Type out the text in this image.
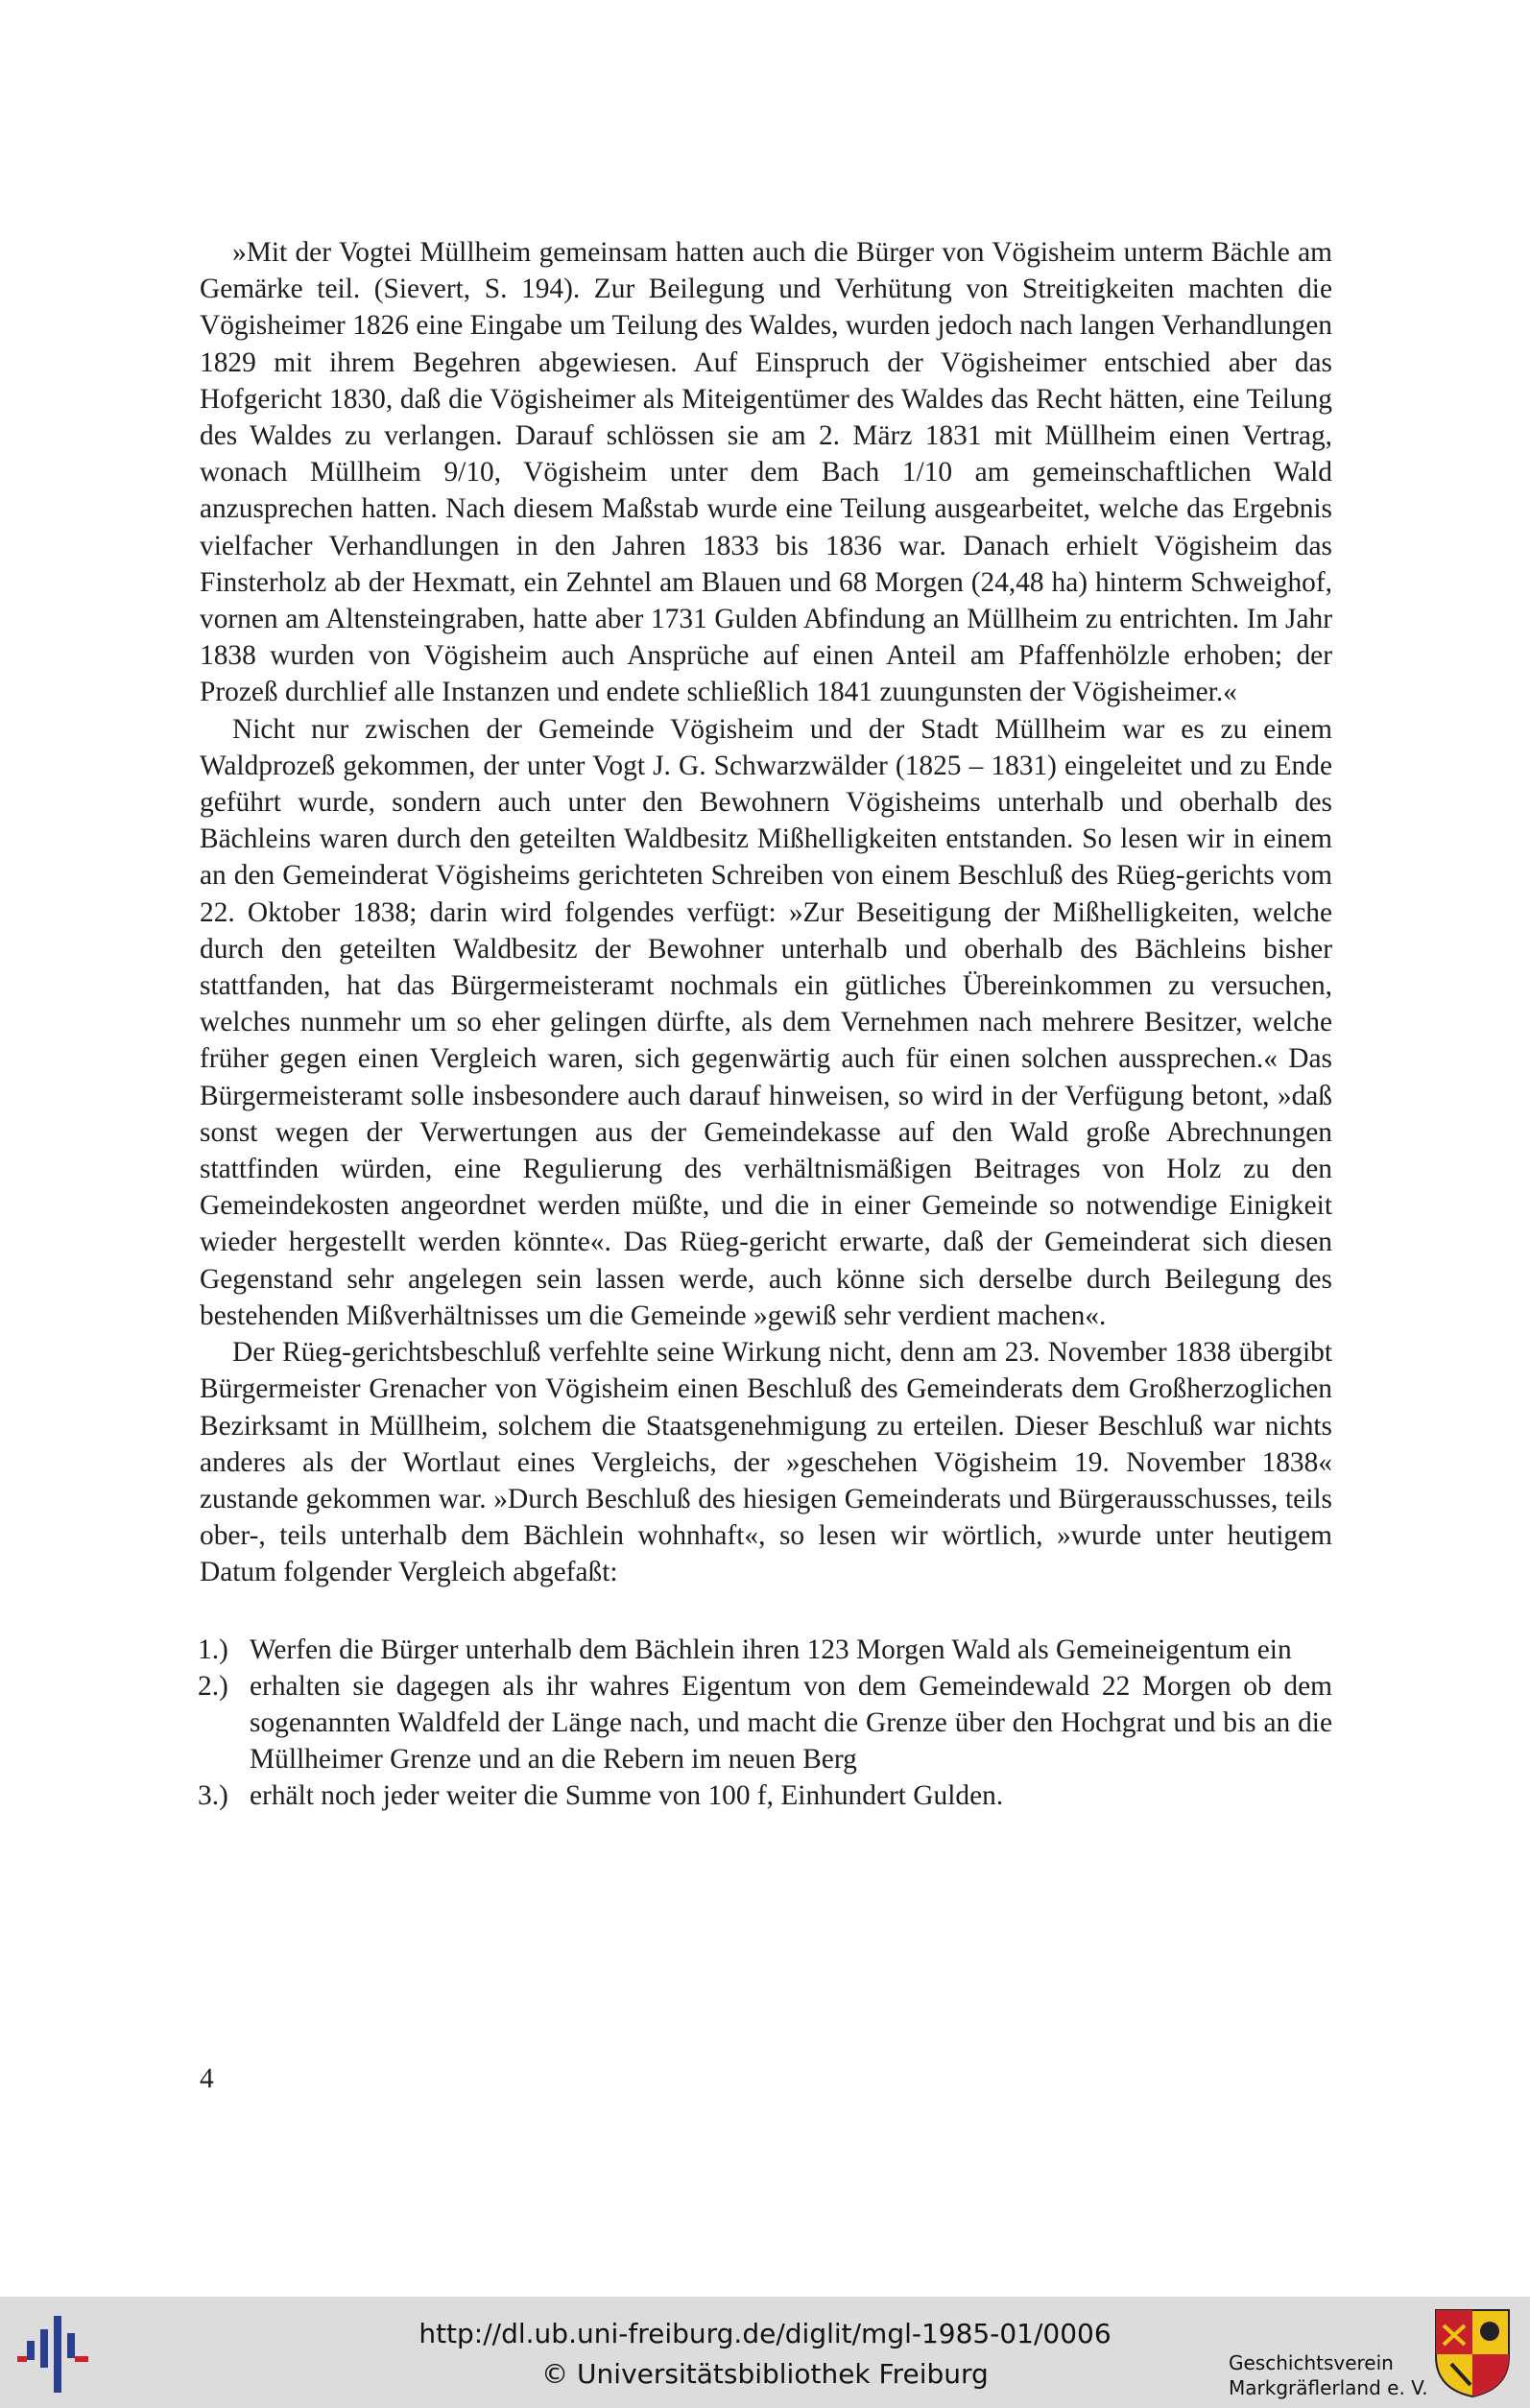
»Mit der Vogtei Müllheim gemeinsam hatten auch die Bürger von Vögisheim unterm Bächle am Gemärke teil. (Sievert, S. 194). Zur Beilegung und Verhütung von Streitigkeiten machten die Vögisheimer 1826 eine Eingabe um Teilung des Waldes, wurden jedoch nach langen Verhandlungen 1829 mit ihrem Begehren abgewiesen. Auf Einspruch der Vögisheimer entschied aber das Hofgericht 1830, daß die Vögisheimer als Miteigentümer des Waldes das Recht hätten, eine Teilung des Waldes zu verlangen. Darauf schlössen sie am 2. März 1831 mit Müllheim einen Vertrag, wonach Müllheim 9/10, Vögisheim unter dem Bach 1/10 am gemeinschaftlichen Wald anzusprechen hatten. Nach diesem Maßstab wurde eine Teilung ausgearbeitet, welche das Ergebnis vielfacher Verhandlungen in den Jahren 1833 bis 1836 war. Danach erhielt Vögisheim das Finsterholz ab der Hexmatt, ein Zehntel am Blauen und 68 Morgen (24,48 ha) hinterm Schweighof, vornen am Altensteingraben, hatte aber 1731 Gulden Abfindung an Müllheim zu entrichten. Im Jahr 1838 wurden von Vögisheim auch Ansprüche auf einen Anteil am Pfaffenhölzle erhoben; der Prozeß durchlief alle Instanzen und endete schließlich 1841 zuungunsten der Vögisheimer.«

Nicht nur zwischen der Gemeinde Vögisheim und der Stadt Müllheim war es zu einem Waldprozeß gekommen, der unter Vogt J. G. Schwarzwälder (1825 – 1831) eingeleitet und zu Ende geführt wurde, sondern auch unter den Bewohnern Vögisheims unterhalb und oberhalb des Bächleins waren durch den geteilten Waldbesitz Mißhelligkeiten entstanden. So lesen wir in einem an den Gemeinderat Vögisheims gerichteten Schreiben von einem Beschluß des Rüeg-gerichts vom 22. Oktober 1838; darin wird folgendes verfügt: »Zur Beseitigung der Mißhelligkeiten, welche durch den geteilten Waldbesitz der Bewohner unterhalb und oberhalb des Bächleins bisher stattfanden, hat das Bürgermeisteramt nochmals ein gütliches Übereinkommen zu versuchen, welches nunmehr um so eher gelingen dürfte, als dem Vernehmen nach mehrere Besitzer, welche früher gegen einen Vergleich waren, sich gegenwärtig auch für einen solchen aussprechen.« Das Bürgermeisteramt solle insbesondere auch darauf hinweisen, so wird in der Verfügung betont, »daß sonst wegen der Verwertungen aus der Gemeindekasse auf den Wald große Abrechnungen stattfinden würden, eine Regulierung des verhältnismäßigen Beitrages von Holz zu den Gemeindekosten angeordnet werden müßte, und die in einer Gemeinde so notwendige Einigkeit wieder hergestellt werden könnte«. Das Rüeg-gericht erwarte, daß der Gemeinderat sich diesen Gegenstand sehr angelegen sein lassen werde, auch könne sich derselbe durch Beilegung des bestehenden Mißverhältnisses um die Gemeinde »gewiß sehr verdient machen«.

Der Rüeg-gerichtsbeschluß verfehlte seine Wirkung nicht, denn am 23. November 1838 übergibt Bürgermeister Grenacher von Vögisheim einen Beschluß des Gemeinderats dem Großherzoglichen Bezirksamt in Müllheim, solchem die Staatsgenehmigung zu erteilen. Dieser Beschluß war nichts anderes als der Wortlaut eines Vergleichs, der »geschehen Vögisheim 19. November 1838« zustande gekommen war. »Durch Beschluß des hiesigen Gemeinderats und Bürgerausschusses, teils ober-, teils unterhalb dem Bächlein wohnhaft«, so lesen wir wörtlich, »wurde unter heutigem Datum folgender Vergleich abgefaßt:

1.) Werfen die Bürger unterhalb dem Bächlein ihren 123 Morgen Wald als Gemeineigentum ein
2.) erhalten sie dagegen als ihr wahres Eigentum von dem Gemeindewald 22 Morgen ob dem sogenannten Waldfeld der Länge nach, und macht die Grenze über den Hochgrat und bis an die Müllheimer Grenze und an die Rebern im neuen Berg
3.) erhält noch jeder weiter die Summe von 100 f, Einhundert Gulden.
4
http://dl.ub.uni-freiburg.de/diglit/mgl-1985-01/0006
© Universitätsbibliothek Freiburg	Geschichtsverein
Markgräflerland e. V.
